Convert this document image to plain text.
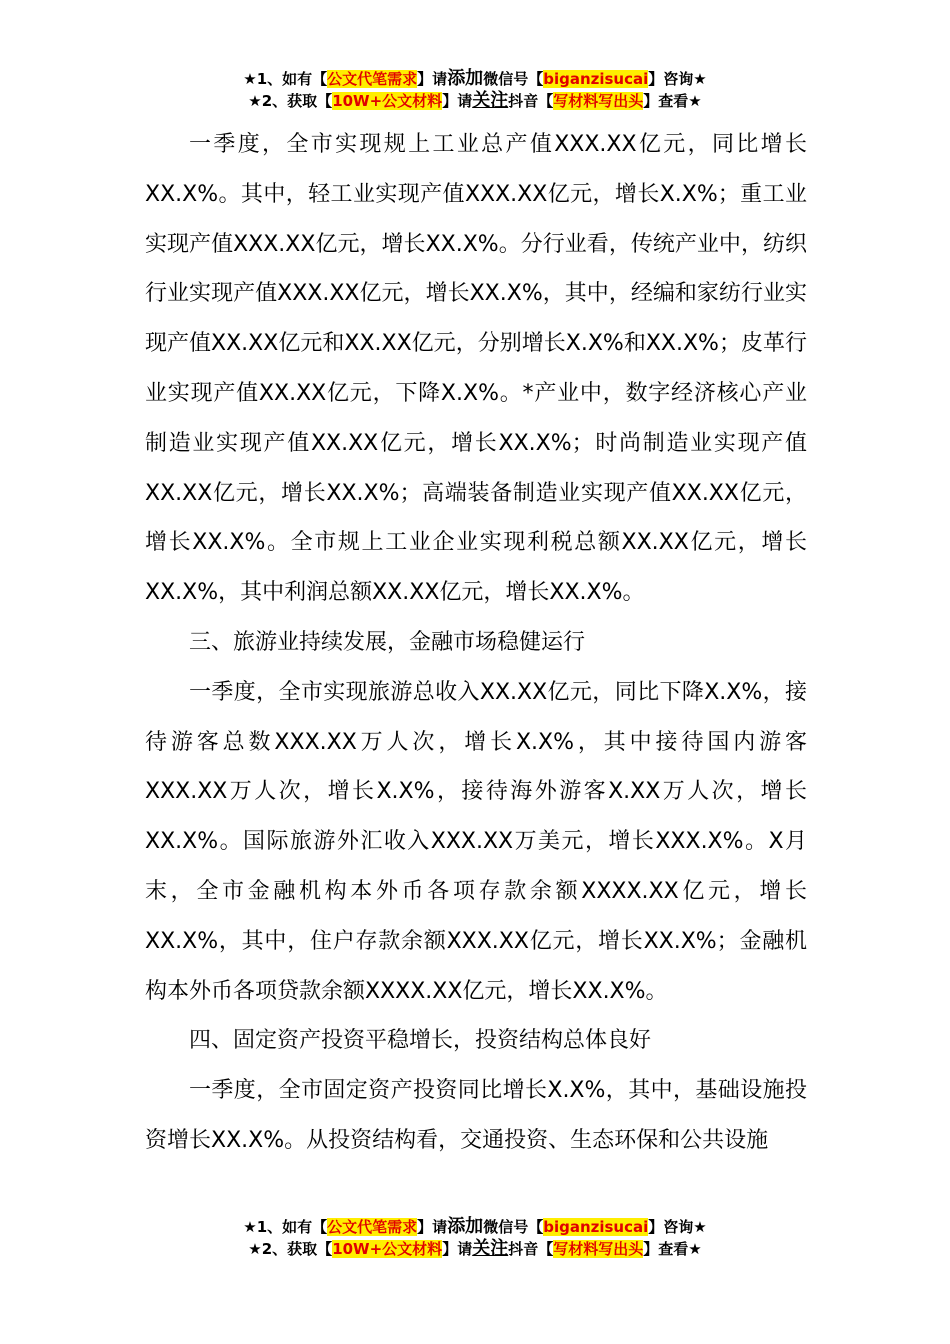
★1、如有【公文代笔需求】请添加微信号【biganzisucai】咨询★
★2、获取【10W+公文材料】请关注抖音【写材料写出头】查看★

一季度，全市实现规上工业总产值XXX.XX亿元，同比增长XX.X%。其中，轻工业实现产值XXX.XX亿元，增长X.X%；重工业实现产值XXX.XX亿元，增长XX.X%。分行业看，传统产业中，纺织行业实现产值XXX.XX亿元，增长XX.X%，其中，经编和家纺行业实现产值XX.XX亿元和XX.XX亿元，分别增长X.X%和XX.X%；皮革行业实现产值XX.XX亿元，下降X.X%。*产业中，数字经济核心产业制造业实现产值XX.XX亿元，增长XX.X%；时尚制造业实现产值XX.XX亿元，增长XX.X%；高端装备制造业实现产值XX.XX亿元，增长XX.X%。全市规上工业企业实现利税总额XX.XX亿元，增长XX.X%，其中利润总额XX.XX亿元，增长XX.X%。

三、旅游业持续发展，金融市场稳健运行

一季度，全市实现旅游总收入XX.XX亿元，同比下降X.X%，接待游客总数XXX.XX万人次，增长X.X%，其中接待国内游客XXX.XX万人次，增长X.X%，接待海外游客X.XX万人次，增长XX.X%。国际旅游外汇收入XXX.XX万美元，增长XXX.X%。X月末，全市金融机构本外币各项存款余额XXXX.XX亿元，增长XX.X%，其中，住户存款余额XXX.XX亿元，增长XX.X%；金融机构本外币各项贷款余额XXXX.XX亿元，增长XX.X%。

四、固定资产投资平稳增长，投资结构总体良好

一季度，全市固定资产投资同比增长X.X%，其中，基础设施投资增长XX.X%。从投资结构看，交通投资、生态环保和公共设施

★1、如有【公文代笔需求】请添加微信号【biganzisucai】咨询★
★2、获取【10W+公文材料】请关注抖音【写材料写出头】查看★
